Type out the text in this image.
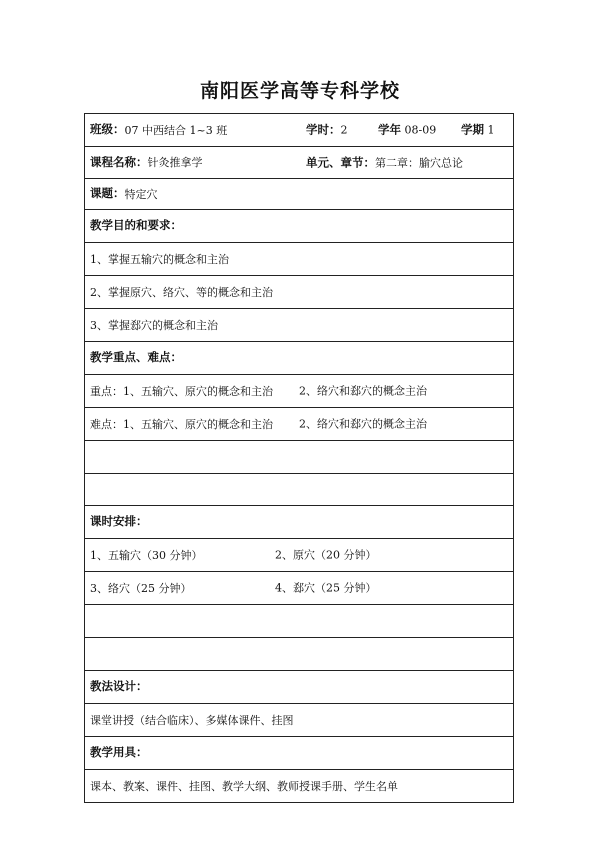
南阳医学高等专科学校
班级： 07 中西结合 1~3 班	学时：2	学年 08-09 学期 1
课程名称： 针灸推拿学	单元、章节：第二章：腧穴总论
课题： 特定穴
教学目的和要求：
1、掌握五输穴的概念和主治
2、掌握原穴、络穴、等的概念和主治
3、掌握郄穴的概念和主治
教学重点、难点：
重点：1、五输穴、原穴的概念和主治 2、络穴和郄穴的概念主治
难点：1、五输穴、原穴的概念和主治 2、络穴和郄穴的概念主治
课时安排：
1、五输穴（30 分钟）	2、原穴（20 分钟）
3、络穴（25 分钟）	4、郄穴（25 分钟）
教法设计：
课堂讲授（结合临床）、多媒体课件、挂图
教学用具：
课本、教案、课件、挂图、教学大纲、教师授课手册、学生名单
